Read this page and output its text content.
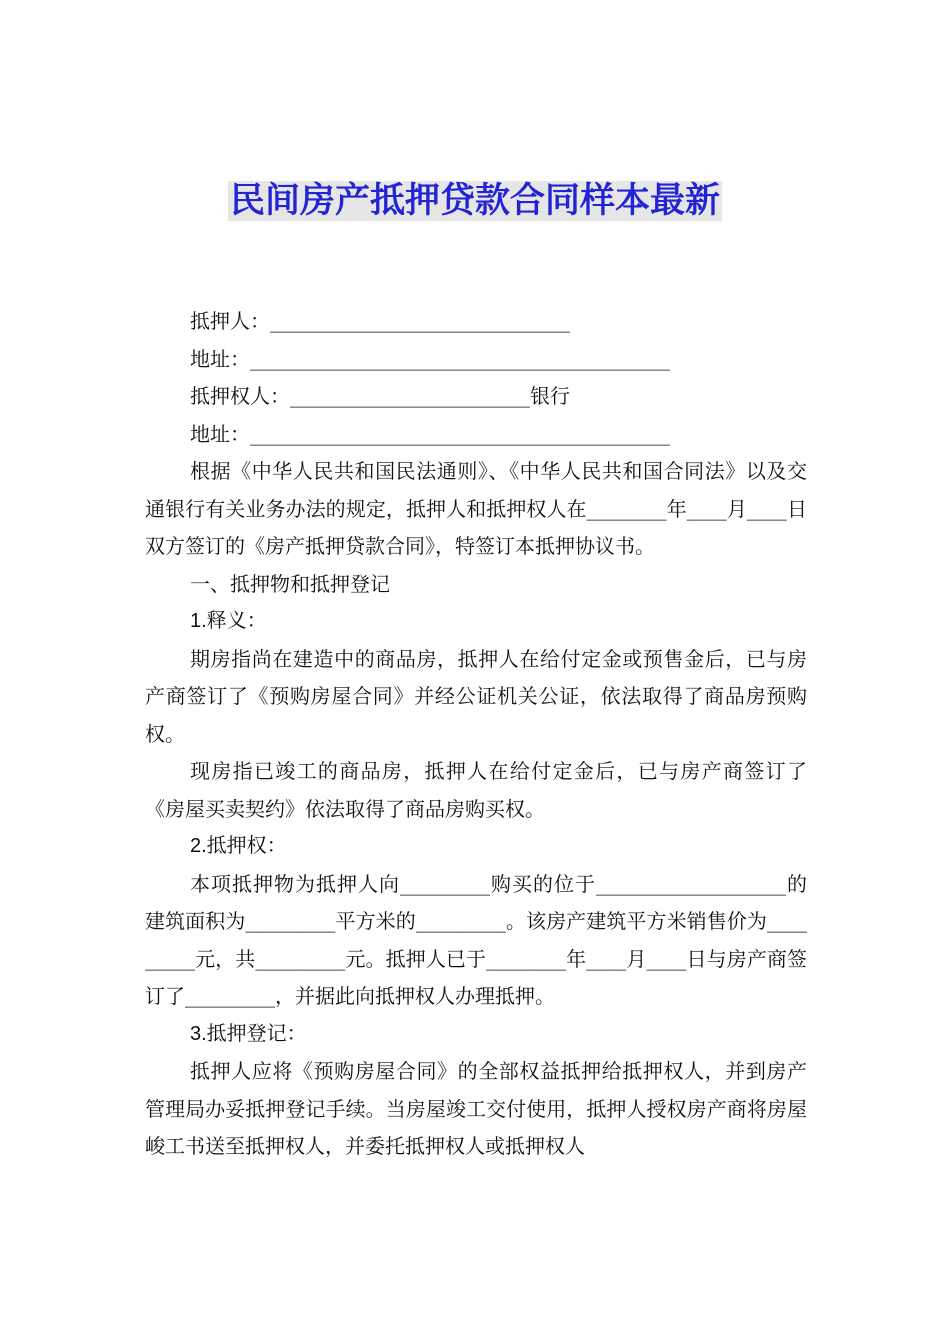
民间房产抵押贷款合同样本最新
抵押人：______________________________
地址：__________________________________________
抵押权人：________________________银行
地址：__________________________________________
根据《中华人民共和国民法通则》、《中华人民共和国合同法》以及交通银行有关业务办法的规定，抵押人和抵押权人在________年____月____日双方签订的《房产抵押贷款合同》，特签订本抵押协议书。
一、抵押物和抵押登记
1.释义：
期房指尚在建造中的商品房，抵押人在给付定金或预售金后，已与房产商签订了《预购房屋合同》并经公证机关公证，依法取得了商品房预购权。
现房指已竣工的商品房，抵押人在给付定金后，已与房产商签订了《房屋买卖契约》依法取得了商品房购买权。
2.抵押权：
本项抵押物为抵押人向_________购买的位于___________________的建筑面积为_________平方米的_________。该房产建筑平方米销售价为_________元，共_________元。抵押人已于________年____月____日与房产商签订了_________，并据此向抵押权人办理抵押。
3.抵押登记：
抵押人应将《预购房屋合同》的全部权益抵押给抵押权人，并到房产管理局办妥抵押登记手续。当房屋竣工交付使用，抵押人授权房产商将房屋峻工书送至抵押权人，并委托抵押权人或抵押权人
